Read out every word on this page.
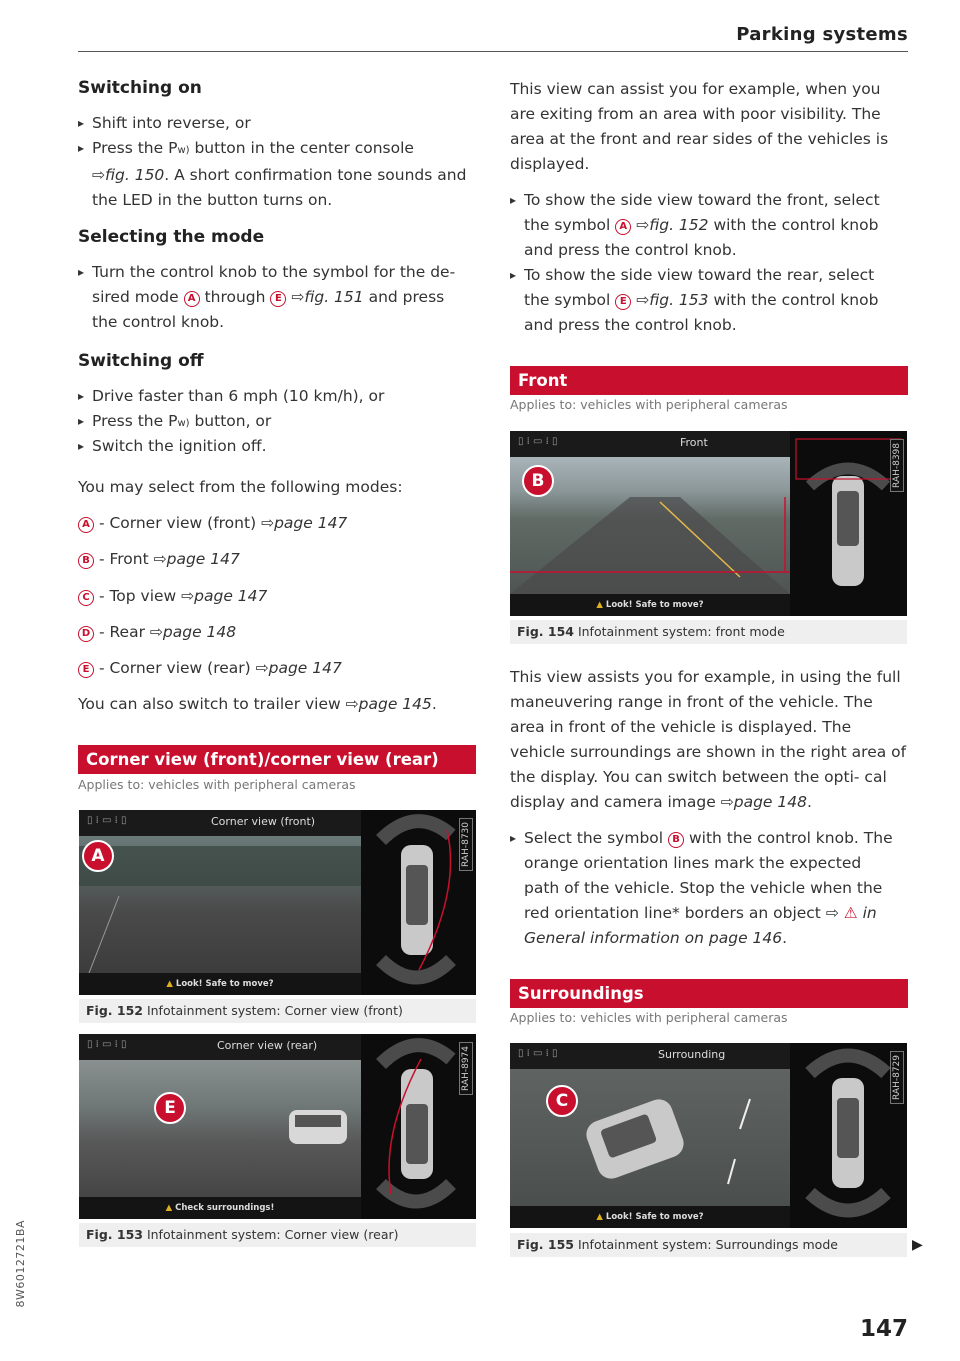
Parking systems
Switching on
▸ Shift into reverse, or
▸ Press the Pw) button in the center console
⇨fig. 150. A short confirmation tone sounds and the LED in the button turns on.
Selecting the mode
▸ Turn the control knob to the symbol for the de-
sired mode A through E ⇨fig. 151 and press
the control knob.
Switching off
▸ Drive faster than 6 mph (10 km/h), or
▸ Press the Pw) button, or
▸ Switch the ignition off.

You may select from the following modes:

A - Corner view (front) ⇨page 147
B - Front ⇨page 147
C - Top view ⇨page 147
D - Rear ⇨page 148
E - Corner view (rear) ⇨page 147

You can also switch to trailer view ⇨page 145.

Corner view (front)/corner view (rear)
Applies to: vehicles with peripheral cameras
▯ ⁞ ▭ ⁞ ▯	Corner view (front)
A	RAH-8730
▲ Look! Safe to move?
Fig. 152 Infotainment system: Corner view (front)
▯ ⁞ ▭ ⁞ ▯	Corner view (rear)
E
RAH-8974
▲ Check surroundings!
Fig. 153 Infotainment system: Corner view (rear)

This view can assist you for example, when you are exiting from an area with poor visibility. The area at the front and rear sides of the vehicles is displayed.

▸ To show the side view toward the front, select
the symbol A ⇨fig. 152 with the control knob
and press the control knob.
▸ To show the side view toward the rear, select
the symbol E ⇨fig. 153 with the control knob
and press the control knob.
Front
Applies to: vehicles with peripheral cameras
▯ ⁞ ▭ ⁞ ▯	Front
B	RAH-8398
▲ Look! Safe to move?
Fig. 154 Infotainment system: front mode

This view assists you for example, in using the full maneuvering range in front of the vehicle. The area in front of the vehicle is displayed. The vehicle surroundings are shown in the right area of the display. You can switch between the opti- cal display and camera image ⇨page 148.

▸ Select the symbol B with the control knob. The
orange orientation lines mark the expected
path of the vehicle. Stop the vehicle when the
red orientation line* borders an object ⇨ ⚠ in
General information on page 146.
Surroundings
Applies to: vehicles with peripheral cameras
▯ ⁞ ▭ ⁞ ▯	Surrounding
C
RAH-8729
▲ Look! Safe to move?
Fig. 155 Infotainment system: Surroundings mode	▶
8W6012721BA
147
